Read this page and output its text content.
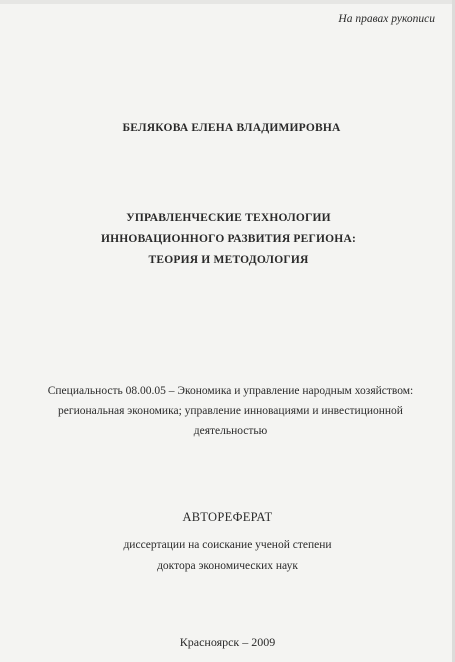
На правах рукописи
БЕЛЯКОВА ЕЛЕНА ВЛАДИМИРОВНА
УПРАВЛЕНЧЕСКИЕ ТЕХНОЛОГИИ
ИННОВАЦИОННОГО РАЗВИТИЯ РЕГИОНА:
ТЕОРИЯ И МЕТОДОЛОГИЯ
Специальность 08.00.05 – Экономика и управление народным хозяйством:
региональная экономика; управление инновациями и инвестиционной
деятельностью
АВТОРЕФЕРАТ
диссертации на соискание ученой степени
доктора экономических наук
Красноярск – 2009
